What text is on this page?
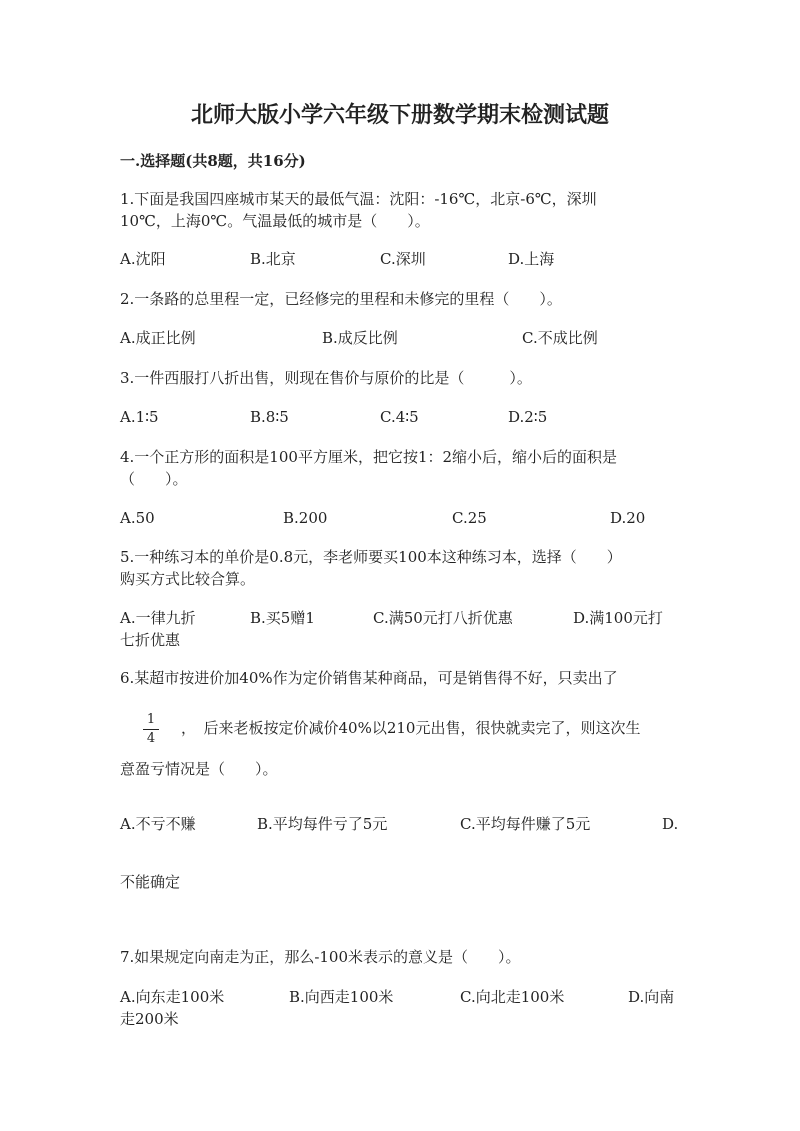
北师大版小学六年级下册数学期末检测试题
一.选择题(共8题，共16分)
1.下面是我国四座城市某天的最低气温：沈阳：-16℃，北京-6℃，深圳
10℃，上海0℃。气温最低的城市是（　　）。
A.沈阳	B.北京	C.深圳	D.上海
2.一条路的总里程一定，已经修完的里程和未修完的里程（　　）。
A.成正比例	B.成反比例	C.不成比例
3.一件西服打八折出售，则现在售价与原价的比是（　　　）。
A.1∶5	B.8∶5	C.4∶5	D.2∶5
4.一个正方形的面积是100平方厘米，把它按1：2缩小后，缩小后的面积是
（　　）。
A.50	B.200	C.25	D.20
5.一种练习本的单价是0.8元，李老师要买100本这种练习本，选择（　　）
购买方式比较合算。
A.一律九折	B.买5赠1	C.满50元打八折优惠	D.满100元打
七折优惠
6.某超市按进价加40%作为定价销售某种商品，可是销售得不好，只卖出了
1
4
，　后来老板按定价减价40%以210元出售，很快就卖完了，则这次生
意盈亏情况是（　　）。
A.不亏不赚	B.平均每件亏了5元	C.平均每件赚了5元	D.
不能确定
7.如果规定向南走为正，那么-100米表示的意义是（　　）。
A.向东走100米	B.向西走100米	C.向北走100米	D.向南
走200米
